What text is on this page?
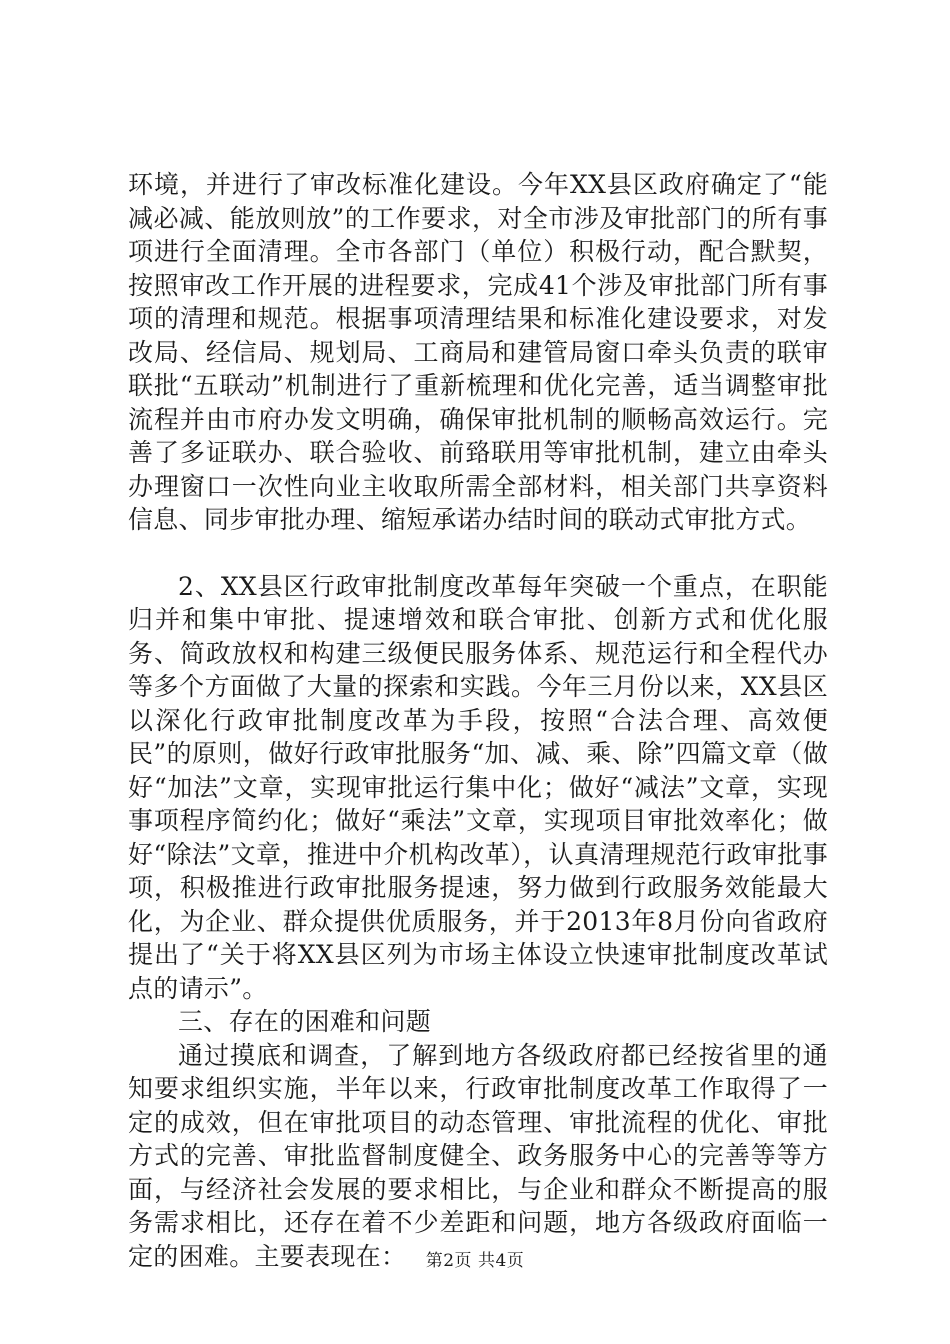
环境，并进行了审改标准化建设。今年XX县区政府确定了“能减必减、能放则放”的工作要求，对全市涉及审批部门的所有事项进行全面清理。全市各部门（单位）积极行动，配合默契，按照审改工作开展的进程要求，完成41个涉及审批部门所有事项的清理和规范。根据事项清理结果和标准化建设要求，对发改局、经信局、规划局、工商局和建管局窗口牵头负责的联审联批“五联动”机制进行了重新梳理和优化完善，适当调整审批流程并由市府办发文明确，确保审批机制的顺畅高效运行。完善了多证联办、联合验收、前臵联用等审批机制，建立由牵头办理窗口一次性向业主收取所需全部材料，相关部门共享资料信息、同步审批办理、缩短承诺办结时间的联动式审批方式。

2、XX县区行政审批制度改革每年突破一个重点，在职能归并和集中审批、提速增效和联合审批、创新方式和优化服务、简政放权和构建三级便民服务体系、规范运行和全程代办等多个方面做了大量的探索和实践。今年三月份以来，XX县区以深化行政审批制度改革为手段，按照“合法合理、高效便民”的原则，做好行政审批服务“加、减、乘、除”四篇文章（做好“加法”文章，实现审批运行集中化；做好“减法”文章，实现事项程序简约化；做好“乘法”文章，实现项目审批效率化；做好“除法”文章，推进中介机构改革），认真清理规范行政审批事项，积极推进行政审批服务提速，努力做到行政服务效能最大化，为企业、群众提供优质服务，并于2013年8月份向省政府提出了“关于将XX县区列为市场主体设立快速审批制度改革试点的请示”。

三、存在的困难和问题

通过摸底和调查，了解到地方各级政府都已经按省里的通知要求组织实施，半年以来，行政审批制度改革工作取得了一定的成效，但在审批项目的动态管理、审批流程的优化、审批方式的完善、审批监督制度健全、政务服务中心的完善等等方面，与经济社会发展的要求相比，与企业和群众不断提高的服务需求相比，还存在着不少差距和问题，地方各级政府面临一定的困难。主要表现在：	第2页 共4页
